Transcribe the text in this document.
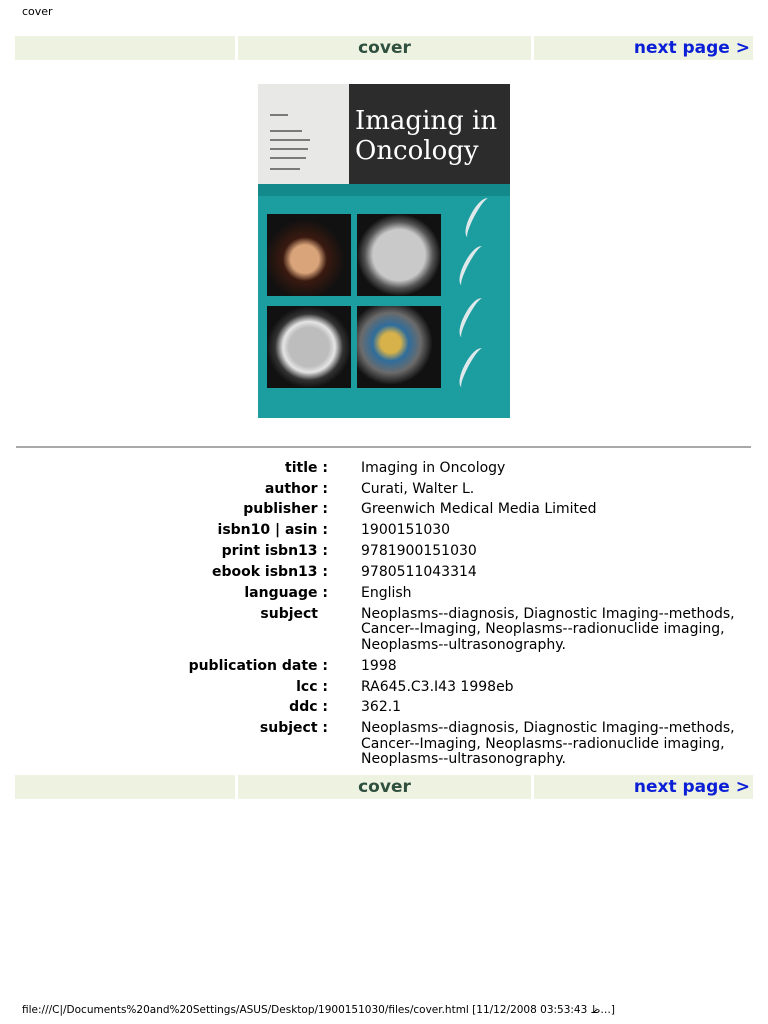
cover
cover	next page >
Imaging in
Oncology
title :	Imaging in Oncology
author :	Curati, Walter L.
publisher :	Greenwich Medical Media Limited
isbn10 | asin :	1900151030
print isbn13 :	9781900151030
ebook isbn13 :	9780511043314
language :	English
subject	Neoplasms--diagnosis, Diagnostic Imaging--methods, Cancer--Imaging, Neoplasms--radionuclide imaging, Neoplasms--ultrasonography.
publication date :	1998
lcc :	RA645.C3.I43 1998eb
ddc :	362.1
subject :	Neoplasms--diagnosis, Diagnostic Imaging--methods, Cancer--Imaging, Neoplasms--radionuclide imaging, Neoplasms--ultrasonography.
cover	next page >
file:///C|/Documents%20and%20Settings/ASUS/Desktop/1900151030/files/cover.html [11/12/2008 03:53:43 ظ…]
